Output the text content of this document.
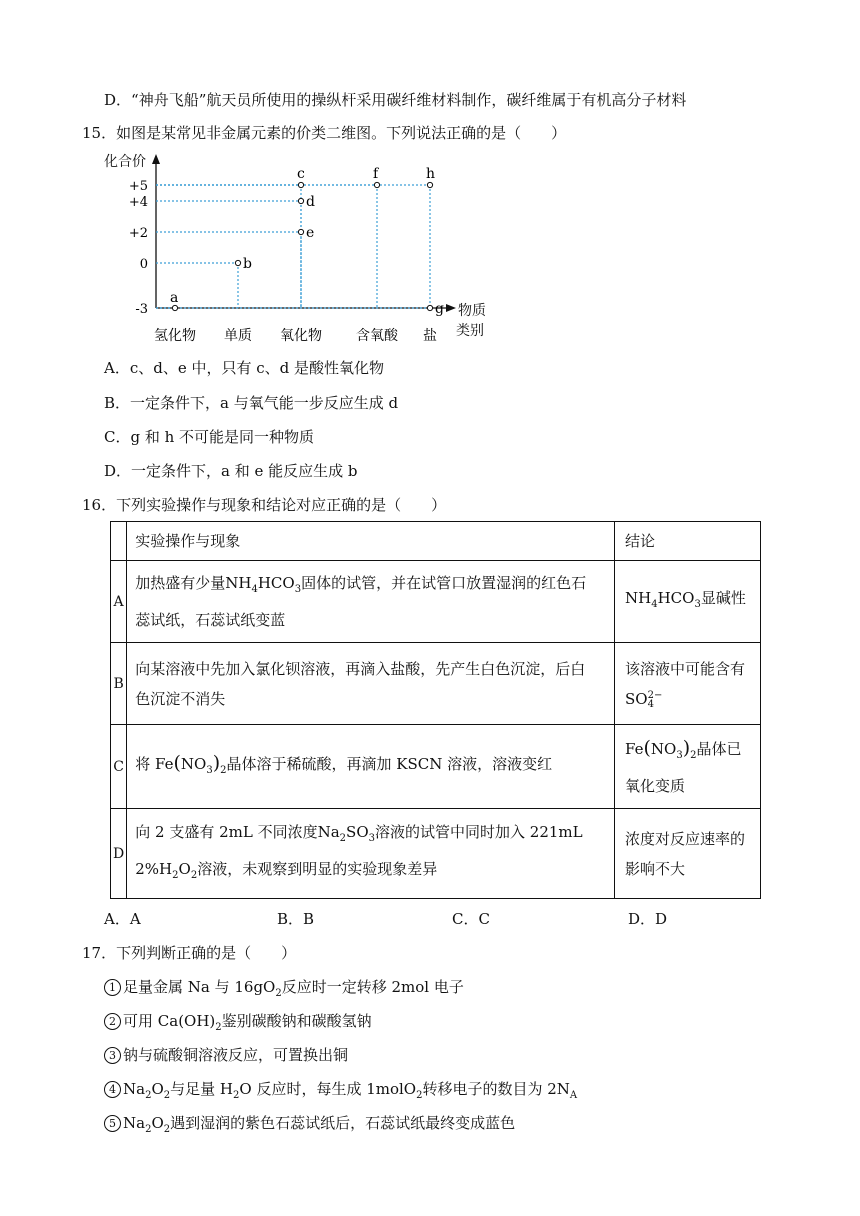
D．“神舟飞船”航天员所使用的操纵杆采用碳纤维材料制作，碳纤维属于有机高分子材料
15．如图是某常见非金属元素的价类二维图。下列说法正确的是（　　）
化合价
物质
类别
+5
+4
+2
0
-3
氢化物 单质 氧化物 含氧酸 盐
a
b
c
d
e
f
g
h
A．c、d、e 中，只有 c、d 是酸性氧化物
B．一定条件下，a 与氧气能一步反应生成 d
C．g 和 h 不可能是同一种物质
D．一定条件下，a 和 e 能反应生成 b
16．下列实验操作与现象和结论对应正确的是（　　）
	实验操作与现象	结论
A	加热盛有少量$NH_4HCO_3$固体的试管，并在试管口放置湿润的红色石
蕊试纸，石蕊试纸变蓝	$NH_4HCO_3$显碱性
B	向某溶液中先加入氯化钡溶液，再滴入盐酸，先产生白色沉淀，后白
色沉淀不消失	该溶液中可能含有
SO 2−
4

C	将 $Fe(NO_3)_2$晶体溶于稀硫酸，再滴加 KSCN 溶液，溶液变红	$Fe(NO_3)_2$晶体已
氧化变质
D	向 2 支盛有 2mL 不同浓度$Na_2SO_3$溶液的试管中同时加入 221mL
$2\%H_2O_2$溶液，未观察到明显的实验现象差异	浓度对反应速率的
影响不大
A．A	B．B	C．C	D．D
17．下列判断正确的是（　　）
1 足量金属 Na 与 $16gO_2$反应时一定转移 2mol 电子
2 可用 $Ca(OH)_2$鉴别碳酸钠和碳酸氢钠
3 钠与硫酸铜溶液反应，可置换出铜
4 $Na_2O_2$与足量 $H_2O$ 反应时，每生成 1molO$_2$转移电子的数目为 $2N_A$
5 $Na_2O_2$遇到湿润的紫色石蕊试纸后，石蕊试纸最终变成蓝色
